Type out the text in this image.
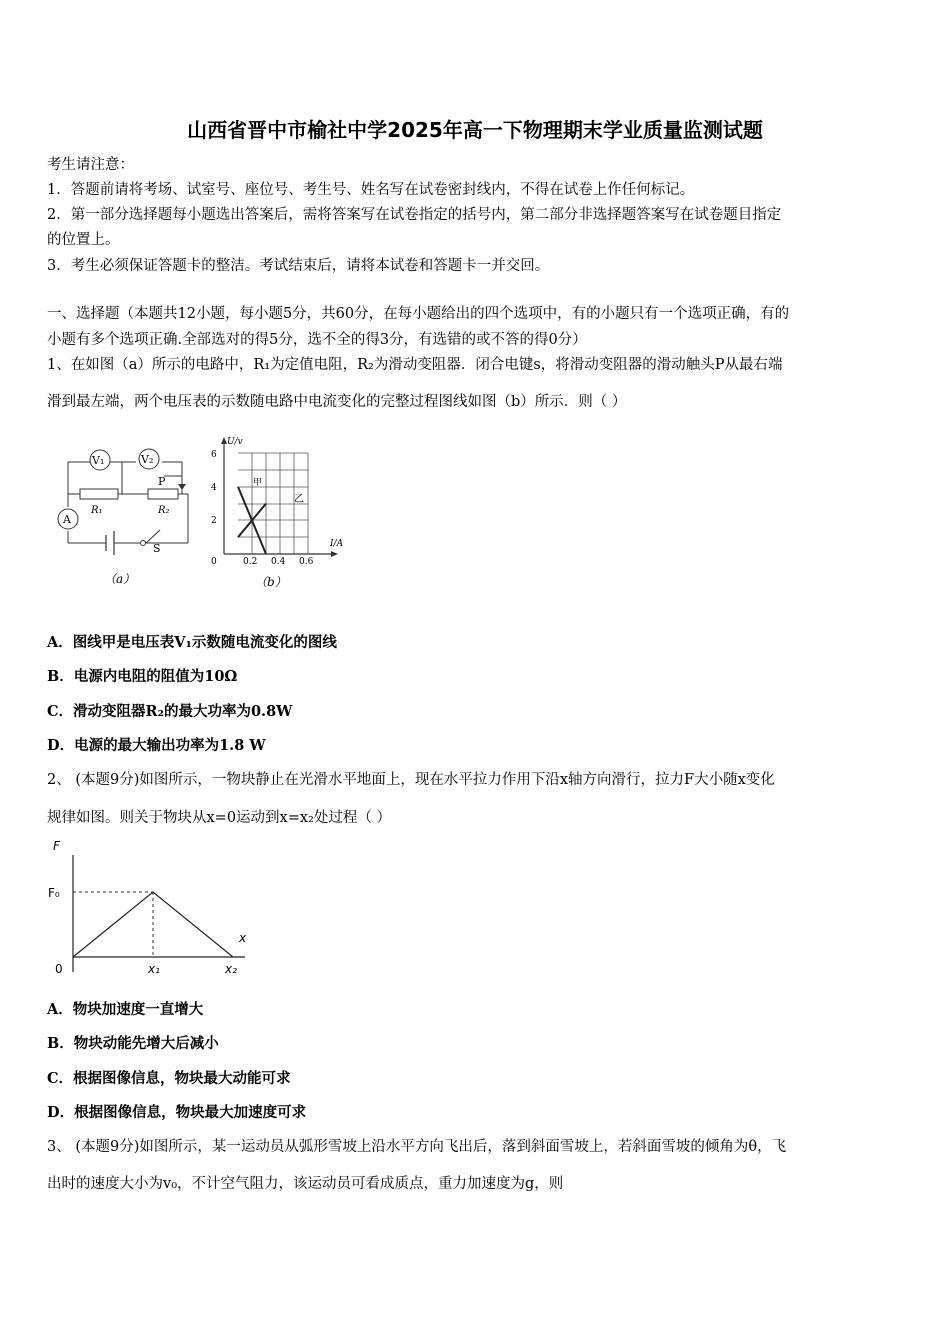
山西省晋中市榆社中学2025年高一下物理期末学业质量监测试题
考生请注意：
1．答题前请将考场、试室号、座位号、考生号、姓名写在试卷密封线内，不得在试卷上作任何标记。
2．第一部分选择题每小题选出答案后，需将答案写在试卷指定的括号内，第二部分非选择题答案写在试卷题目指定
的位置上。
3．考生必须保证答题卡的整洁。考试结束后，请将本试卷和答题卡一并交回。
一、选择题（本题共12小题，每小题5分，共60分，在每小题给出的四个选项中，有的小题只有一个选项正确，有的
小题有多个选项正确.全部选对的得5分，选不全的得3分，有选错的或不答的得0分）
1、在如图（a）所示的电路中，R₁为定值电阻，R₂为滑动变阻器．闭合电键s，将滑动变阻器的滑动触头P从最右端
滑到最左端，两个电压表的示数随电路中电流变化的完整过程图线如图（b）所示．则（ ）
V₁	V₂
A
P
R₁	R₂
S
（a）
U/v
I/A
6
4
2
0	0.2 0.4 0.6
甲
乙
（b）
A．图线甲是电压表V₁示数随电流变化的图线
B．电源内电阻的阻值为10Ω
C．滑动变阻器R₂的最大功率为0.8W
D．电源的最大输出功率为1.8 W
2、 (本题9分)如图所示，一物块静止在光滑水平地面上，现在水平拉力作用下沿x轴方向滑行，拉力F大小随x变化
规律如图。则关于物块从x=0运动到x=x₂处过程（ ）
F
F₀
x
0	x₁	x₂
A．物块加速度一直增大
B．物块动能先增大后减小
C．根据图像信息，物块最大动能可求
D．根据图像信息，物块最大加速度可求
3、 (本题9分)如图所示，某一运动员从弧形雪坡上沿水平方向飞出后，落到斜面雪坡上，若斜面雪坡的倾角为θ，飞
出时的速度大小为v₀，不计空气阻力，该运动员可看成质点，重力加速度为g，则
